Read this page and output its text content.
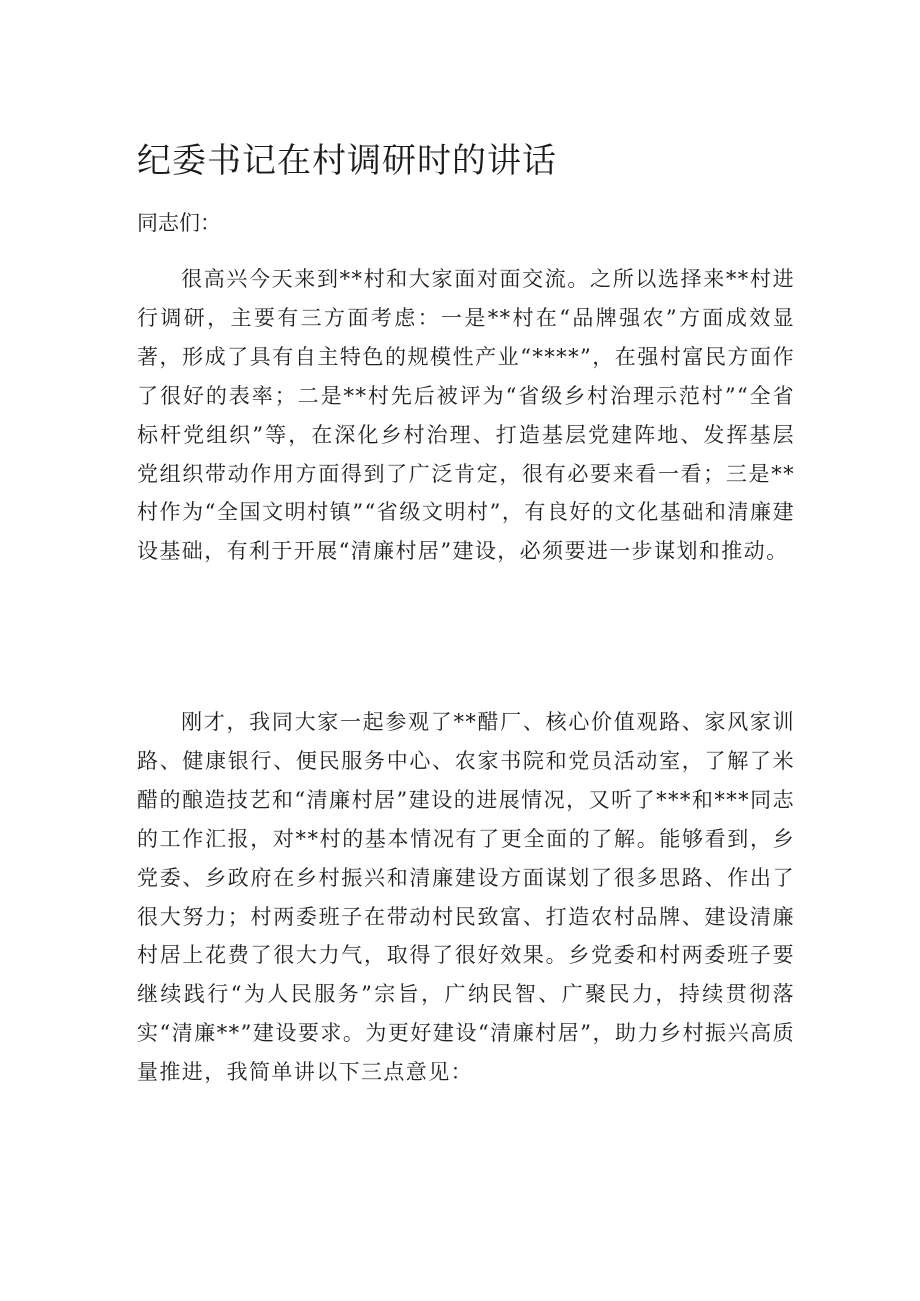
纪委书记在村调研时的讲话

同志们：

很高兴今天来到**村和大家面对面交流。之所以选择来**村进行调研，主要有三方面考虑：一是**村在“品牌强农”方面成效显著，形成了具有自主特色的规模性产业“****”，在强村富民方面作了很好的表率；二是**村先后被评为“省级乡村治理示范村”“全省标杆党组织”等，在深化乡村治理、打造基层党建阵地、发挥基层党组织带动作用方面得到了广泛肯定，很有必要来看一看；三是**村作为“全国文明村镇”“省级文明村”，有良好的文化基础和清廉建设基础，有利于开展“清廉村居”建设，必须要进一步谋划和推动。

刚才，我同大家一起参观了**醋厂、核心价值观路、家风家训路、健康银行、便民服务中心、农家书院和党员活动室，了解了米醋的酿造技艺和“清廉村居”建设的进展情况，又听了***和***同志的工作汇报，对**村的基本情况有了更全面的了解。能够看到，乡党委、乡政府在乡村振兴和清廉建设方面谋划了很多思路、作出了很大努力；村两委班子在带动村民致富、打造农村品牌、建设清廉村居上花费了很大力气，取得了很好效果。乡党委和村两委班子要继续践行“为人民服务”宗旨，广纳民智、广聚民力，持续贯彻落实“清廉**”建设要求。为更好建设“清廉村居”，助力乡村振兴高质量推进，我简单讲以下三点意见：
